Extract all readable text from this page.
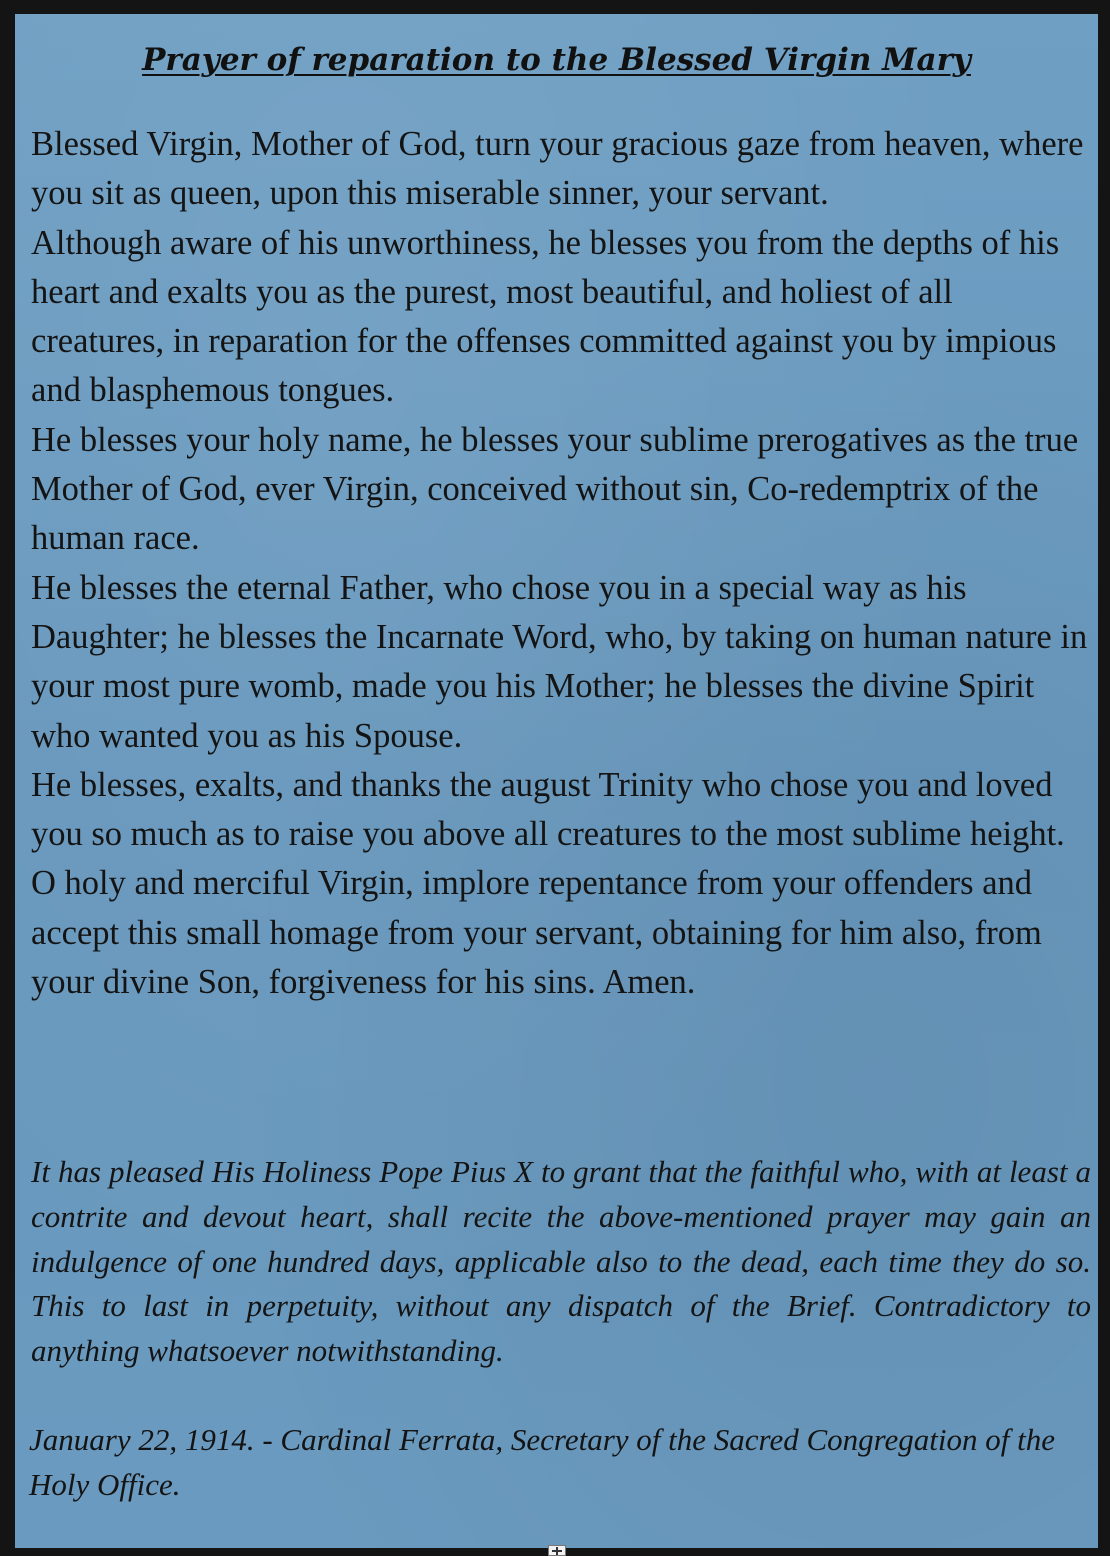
Prayer of reparation to the Blessed Virgin Mary

Blessed Virgin, Mother of God, turn your gracious gaze from heaven, where you sit as queen, upon this miserable sinner, your servant.

Although aware of his unworthiness, he blesses you from the depths of his heart and exalts you as the purest, most beautiful, and holiest of all creatures, in reparation for the offenses committed against you by impious and blasphemous tongues.

He blesses your holy name, he blesses your sublime prerogatives as the true Mother of God, ever Virgin, conceived without sin, Co-redemptrix of the human race.

He blesses the eternal Father, who chose you in a special way as his Daughter; he blesses the Incarnate Word, who, by taking on human nature in your most pure womb, made you his Mother; he blesses the divine Spirit who wanted you as his Spouse.

He blesses, exalts, and thanks the august Trinity who chose you and loved you so much as to raise you above all creatures to the most sublime height.

O holy and merciful Virgin, implore repentance from your offenders and accept this small homage from your servant, obtaining for him also, from your divine Son, forgiveness for his sins. Amen.

It has pleased His Holiness Pope Pius X to grant that the faithful who, with at least a contrite and devout heart, shall recite the above-mentioned prayer may gain an indulgence of one hundred days, applicable also to the dead, each time they do so. This to last in perpetuity, without any dispatch of the Brief. Contradictory to anything whatsoever notwithstanding.

January 22, 1914. - Cardinal Ferrata, Secretary of the Sacred Congregation of the Holy Office.
